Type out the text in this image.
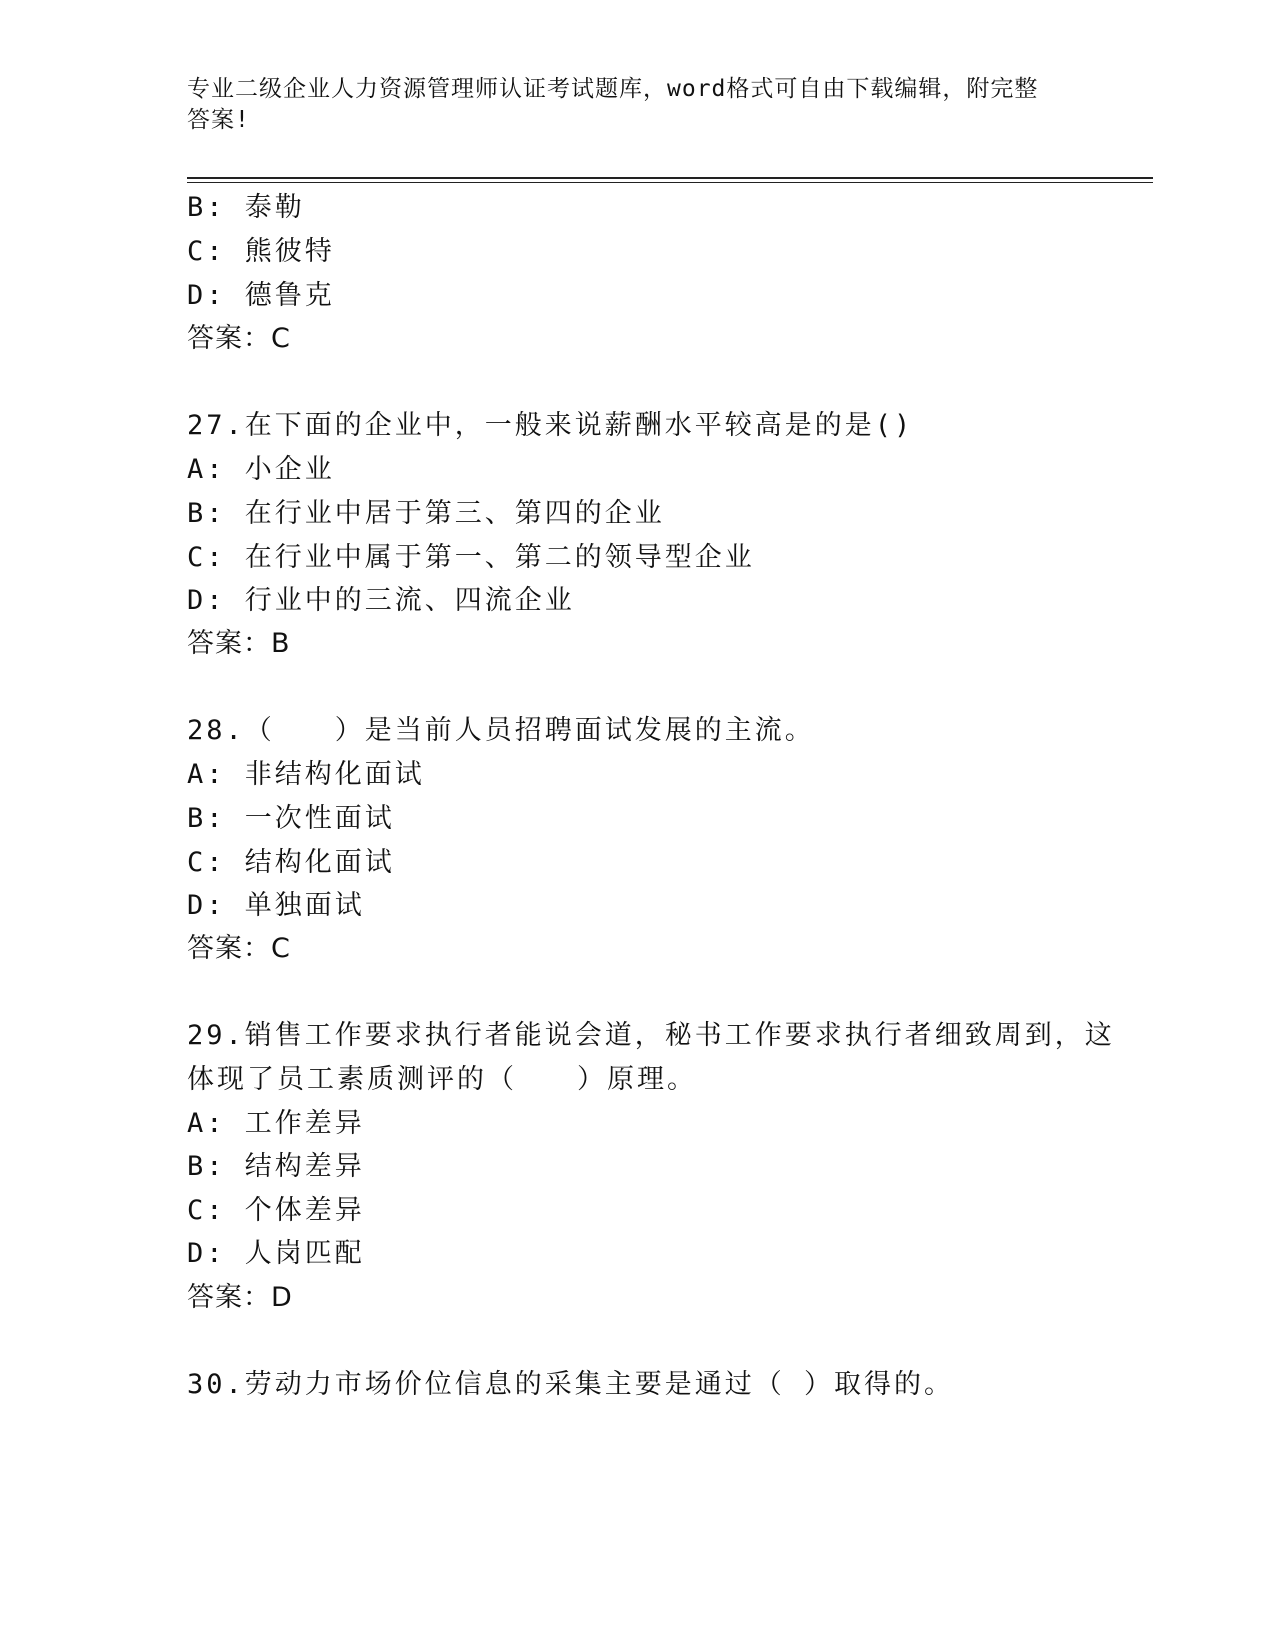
专业二级企业人力资源管理师认证考试题库，word格式可自由下载编辑，附完整
答案!
B: 泰勒
C: 熊彼特
D: 德鲁克
答案：C
27.在下面的企业中，一般来说薪酬水平较高是的是()
A: 小企业
B: 在行业中居于第三、第四的企业
C: 在行业中属于第一、第二的领导型企业
D: 行业中的三流、四流企业
答案：B
28.（　　）是当前人员招聘面试发展的主流。
A: 非结构化面试
B: 一次性面试
C: 结构化面试
D: 单独面试
答案：C
29.销售工作要求执行者能说会道，秘书工作要求执行者细致周到，这
体现了员工素质测评的（　　）原理。
A: 工作差异
B: 结构差异
C: 个体差异
D: 人岗匹配
答案：D
30.劳动力市场价位信息的采集主要是通过（ ）取得的。
